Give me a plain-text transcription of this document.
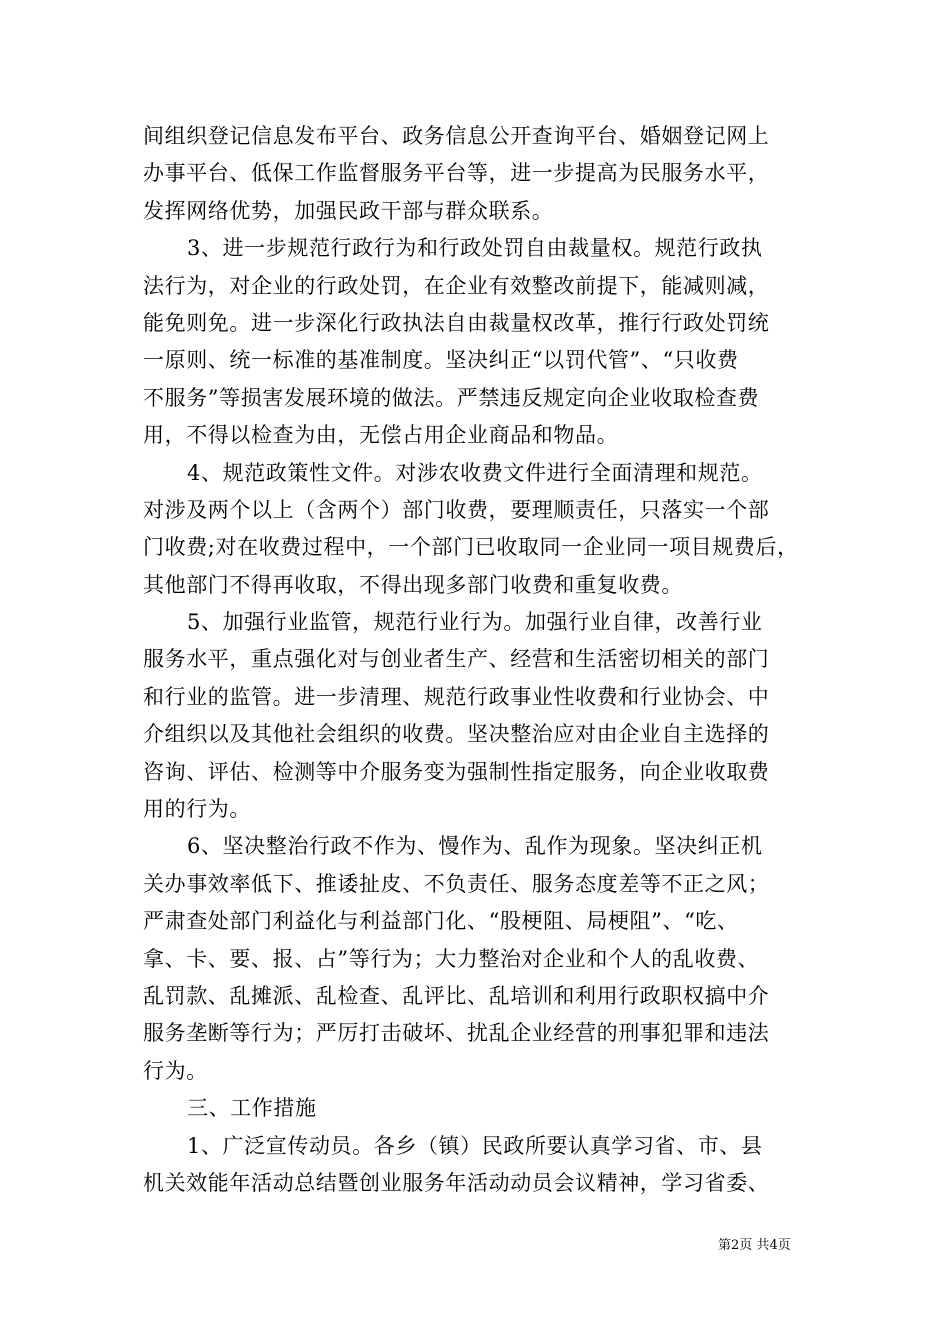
间组织登记信息发布平台、政务信息公开查询平台、婚姻登记网上
办事平台、低保工作监督服务平台等，进一步提高为民服务水平，
发挥网络优势，加强民政干部与群众联系。
3、进一步规范行政行为和行政处罚自由裁量权。规范行政执
法行为，对企业的行政处罚，在企业有效整改前提下，能减则减，
能免则免。进一步深化行政执法自由裁量权改革，推行行政处罚统
一原则、统一标准的基准制度。坚决纠正“以罚代管”、“只收费
不服务”等损害发展环境的做法。严禁违反规定向企业收取检查费
用，不得以检查为由，无偿占用企业商品和物品。
4、规范政策性文件。对涉农收费文件进行全面清理和规范。
对涉及两个以上（含两个）部门收费，要理顺责任，只落实一个部
门收费;对在收费过程中，一个部门已收取同一企业同一项目规费后，
其他部门不得再收取，不得出现多部门收费和重复收费。
5、加强行业监管，规范行业行为。加强行业自律，改善行业
服务水平，重点强化对与创业者生产、经营和生活密切相关的部门
和行业的监管。进一步清理、规范行政事业性收费和行业协会、中
介组织以及其他社会组织的收费。坚决整治应对由企业自主选择的
咨询、评估、检测等中介服务变为强制性指定服务，向企业收取费
用的行为。
6、坚决整治行政不作为、慢作为、乱作为现象。坚决纠正机
关办事效率低下、推诿扯皮、不负责任、服务态度差等不正之风；
严肃查处部门利益化与利益部门化、“股梗阻、局梗阻”、“吃、
拿、卡、要、报、占”等行为；大力整治对企业和个人的乱收费、
乱罚款、乱摊派、乱检查、乱评比、乱培训和利用行政职权搞中介
服务垄断等行为；严厉打击破坏、扰乱企业经营的刑事犯罪和违法
行为。
三、工作措施
1、广泛宣传动员。各乡（镇）民政所要认真学习省、市、县
机关效能年活动总结暨创业服务年活动动员会议精神，学习省委、
第2页 共4页
